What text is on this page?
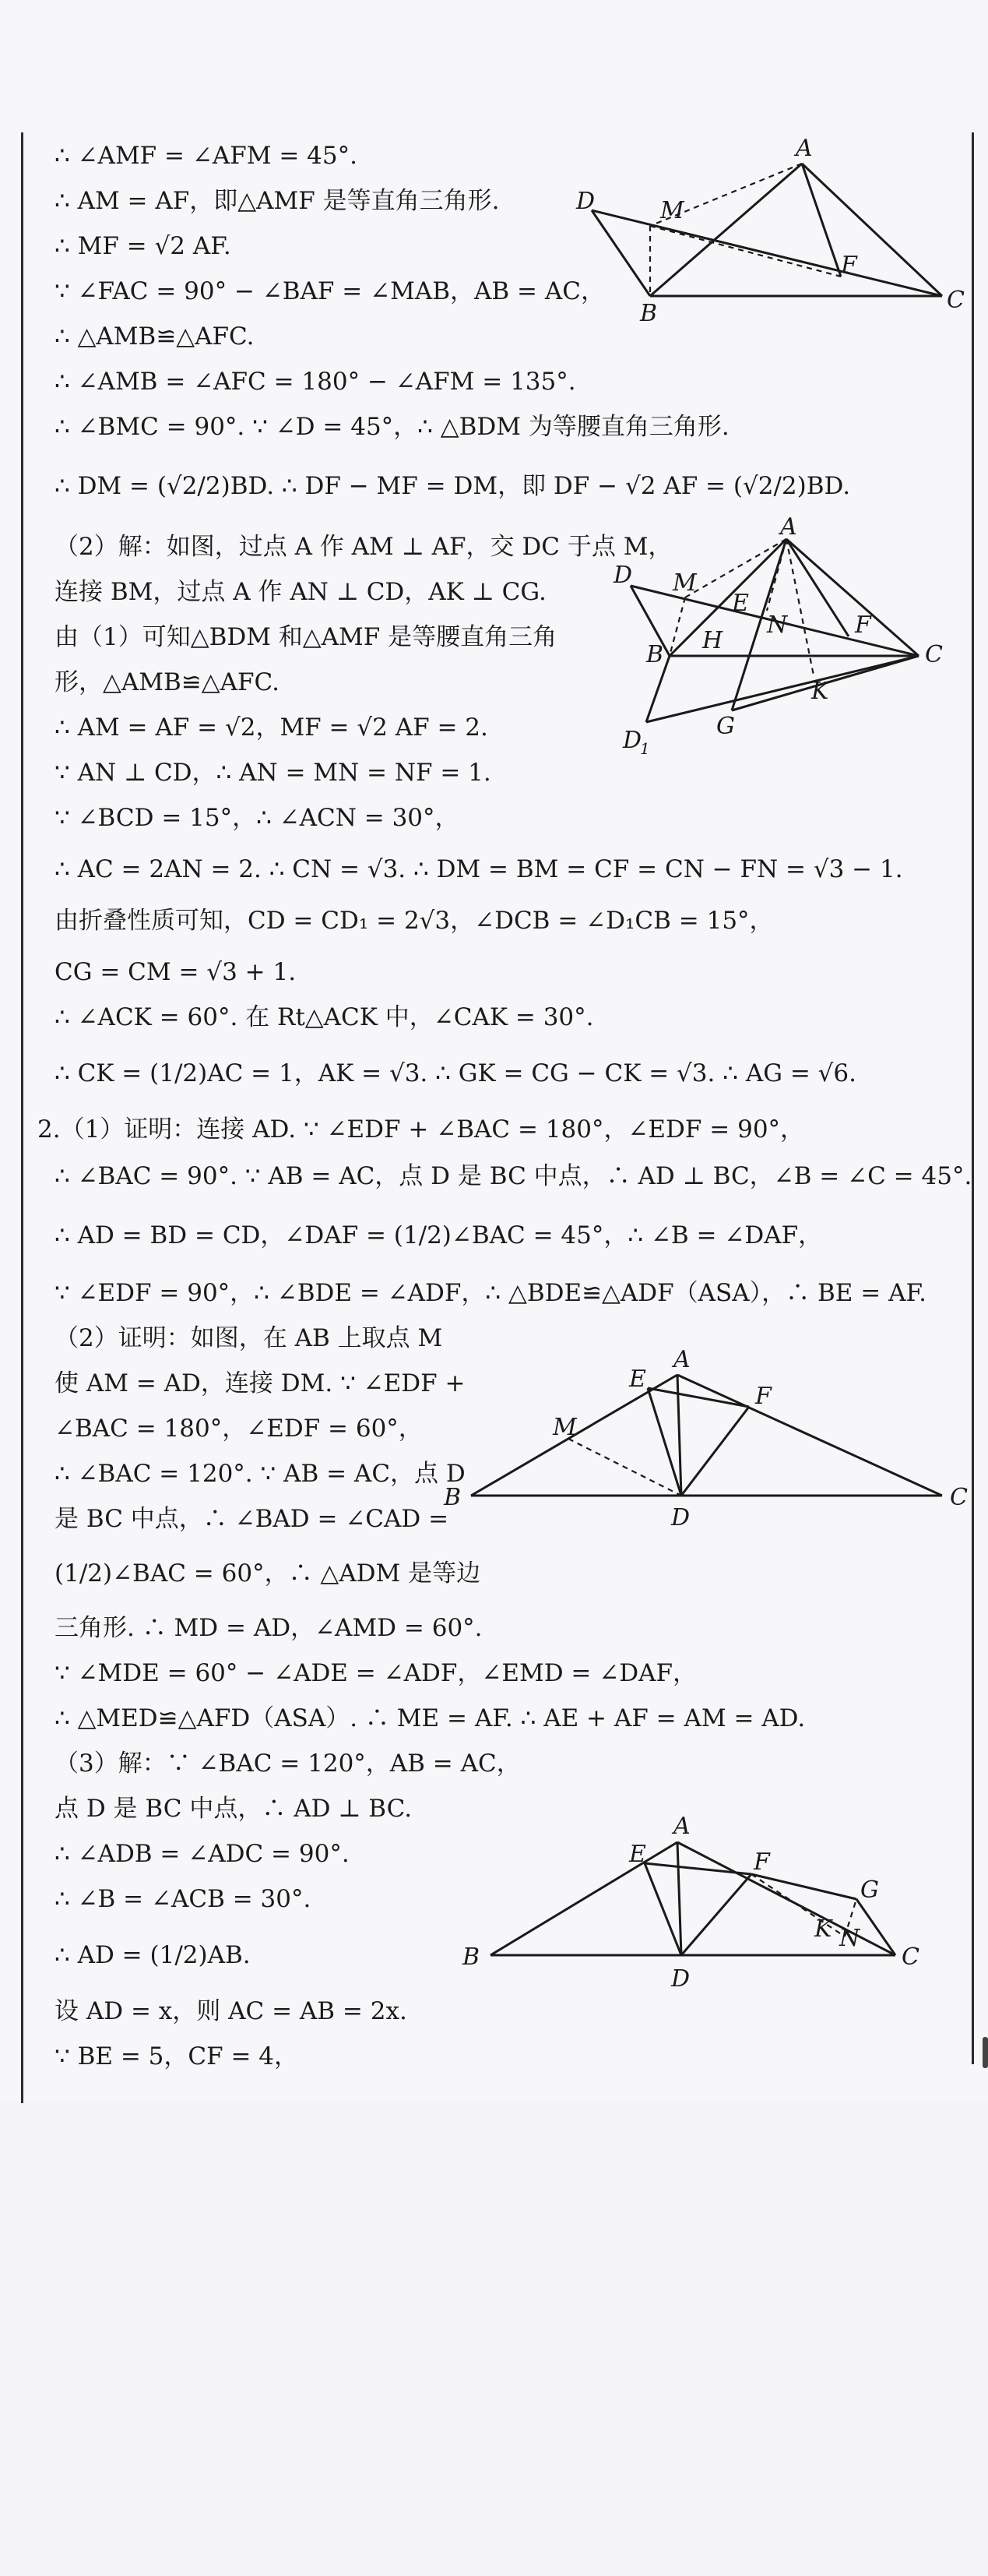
∴ ∠AMF = ∠AFM = 45°.
∴ AM = AF，即△AMF 是等直角三角形.
∴ MF = √2 AF.
∵ ∠FAC = 90° − ∠BAF = ∠MAB，AB = AC，
∴ △AMB≌△AFC.
∴ ∠AMB = ∠AFC = 180° − ∠AFM = 135°.
∴ ∠BMC = 90°. ∵ ∠D = 45°，∴ △BDM 为等腰直角三角形.
∴ DM = (√2/2)BD. ∴ DF − MF = DM，即 DF − √2 AF = (√2/2)BD.
（2）解：如图，过点 A 作 AM ⊥ AF，交 DC 于点 M，
连接 BM，过点 A 作 AN ⊥ CD，AK ⊥ CG.
由（1）可知△BDM 和△AMF 是等腰直角三角
形，△AMB≌△AFC.
∴ AM = AF = √2，MF = √2 AF = 2.
∵ AN ⊥ CD，∴ AN = MN = NF = 1.
∵ ∠BCD = 15°，∴ ∠ACN = 30°，
∴ AC = 2AN = 2. ∴ CN = √3. ∴ DM = BM = CF = CN − FN = √3 − 1.
由折叠性质可知，CD = CD₁ = 2√3，∠DCB = ∠D₁CB = 15°，
CG = CM = √3 + 1.
∴ ∠ACK = 60°. 在 Rt△ACK 中，∠CAK = 30°.
∴ CK = (1/2)AC = 1，AK = √3. ∴ GK = CG − CK = √3. ∴ AG = √6.
2.（1）证明：连接 AD. ∵ ∠EDF + ∠BAC = 180°，∠EDF = 90°，
∴ ∠BAC = 90°. ∵ AB = AC，点 D 是 BC 中点，∴ AD ⊥ BC，∠B = ∠C = 45°.
∴ AD = BD = CD，∠DAF = (1/2)∠BAC = 45°，∴ ∠B = ∠DAF，
∵ ∠EDF = 90°，∴ ∠BDE = ∠ADF，∴ △BDE≌△ADF（ASA），∴ BE = AF.
（2）证明：如图，在 AB 上取点 M
使 AM = AD，连接 DM. ∵ ∠EDF +
∠BAC = 180°，∠EDF = 60°，
∴ ∠BAC = 120°. ∵ AB = AC，点 D
是 BC 中点，∴ ∠BAD = ∠CAD =
(1/2)∠BAC = 60°，∴ △ADM 是等边
三角形. ∴ MD = AD，∠AMD = 60°.
∵ ∠MDE = 60° − ∠ADE = ∠ADF，∠EMD = ∠DAF，
∴ △MED≌△AFD（ASA）. ∴ ME = AF. ∴ AE + AF = AM = AD.
（3）解：∵ ∠BAC = 120°，AB = AC，
点 D 是 BC 中点，∴ AD ⊥ BC.
∴ ∠ADB = ∠ADC = 90°.
∴ ∠B = ∠ACB = 30°.
∴ AD = (1/2)AB.
设 AD = x，则 AC = AB = 2x.
∵ BE = 5，CF = 4，
A
D	M
F
B	C
A
D M
E
N
H
F
B	C
K
G
D
1
A
E
F
M
B
D
C
A
E	F
G
K N
B
D
C
